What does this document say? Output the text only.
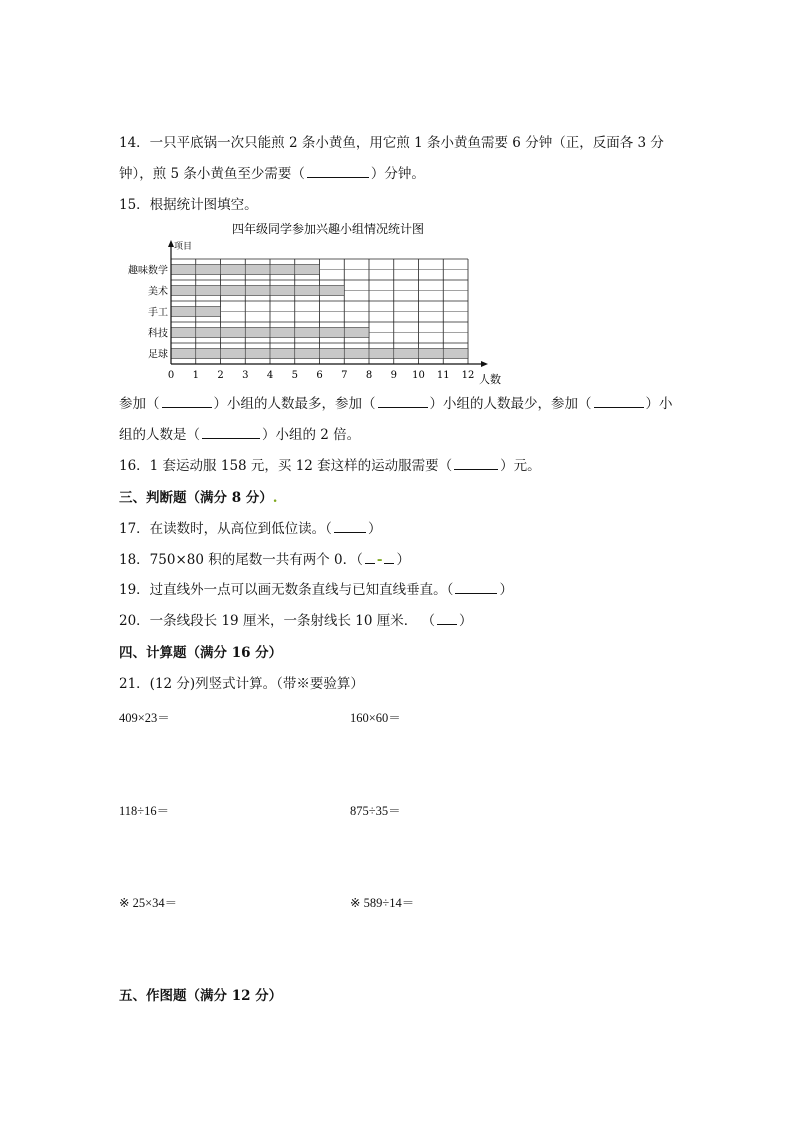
14．一只平底锅一次只能煎 2 条小黄鱼，用它煎 1 条小黄鱼需要 6 分钟（正，反面各 3 分
钟），煎 5 条小黄鱼至少需要（	）分钟。
15．根据统计图填空。
四年级同学参加兴趣小组情况统计图
项目
人数
趣味数学
美术
手工
科技
足球
0 1 2 3 4 5 6 7 8 9 10 11 12
参加（	）小组的人数最多，参加（	）小组的人数最少，参加（	）小
组的人数是（	）小组的 2 倍。
16．1 套运动服 158 元，买 12 套这样的运动服需要（	）元。
三、判断题（满分 8 分）.
17．在读数时，从高位到低位读。（	）
18．750×80 积的尾数一共有两个 0．（ - ）
19．过直线外一点可以画无数条直线与已知直线垂直。（	）
20．一条线段长 19 厘米，一条射线长 10 厘米． （ ）
四、计算题（满分 16 分）
21．(12 分)列竖式计算。（带※要验算）
409×23＝	160×60＝
118÷16＝	875÷35＝
※ 25×34＝	※ 589÷14＝
五、作图题（满分 12 分）
